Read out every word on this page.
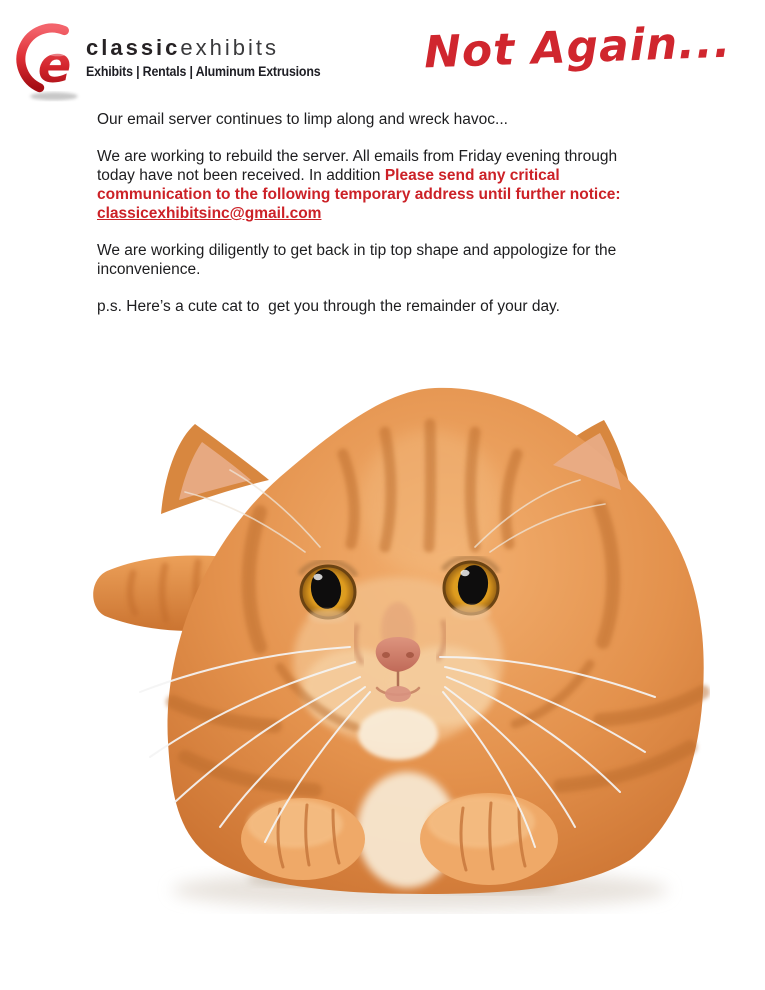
e classicexhibits
Exhibits | Rentals | Aluminum Extrusions Not Again...

Our email server continues to limp along and wreck havoc...

We are working to rebuild the server. All emails from Friday evening through today have not been received. In addition Please send any critical communication to the following temporary address until further notice: classicexhibitsinc@gmail.com

We are working diligently to get back in tip top shape and appologize for the inconvenience.

p.s. Here’s a cute cat to  get you through the remainder of your day.
